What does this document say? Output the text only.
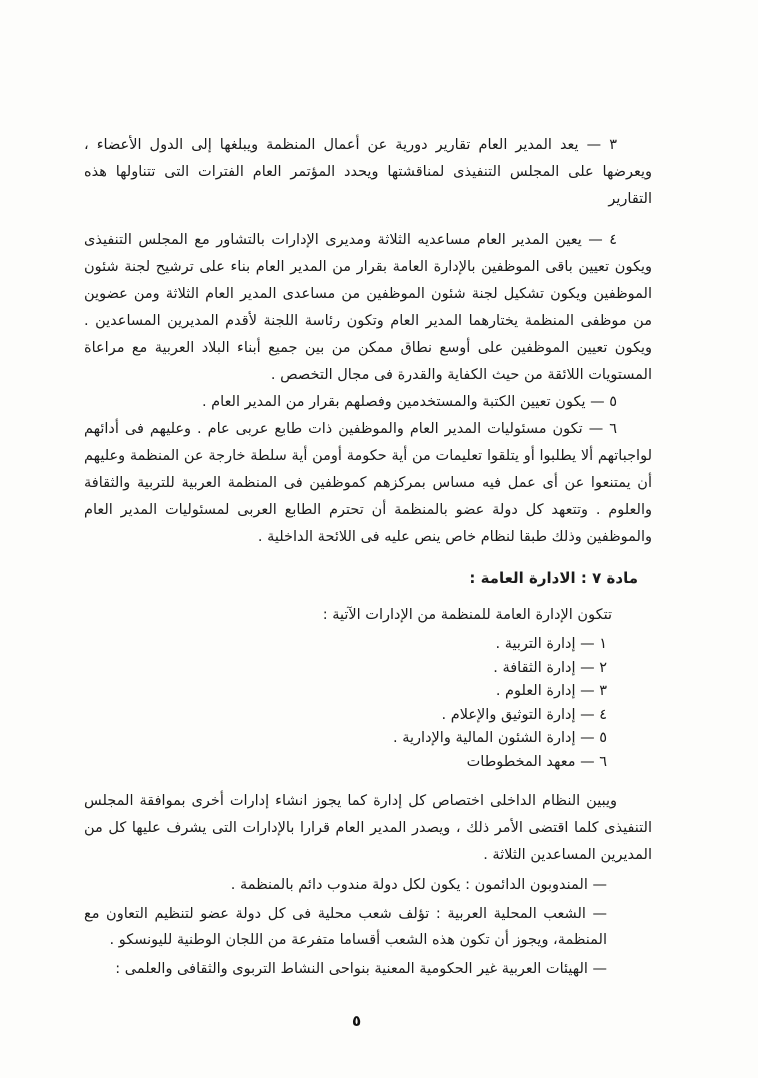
٣ — يعد المدير العام تقارير دورية عن أعمال المنظمة ويبلغها إلى الدول الأعضاء ، ويعرضها على المجلس التنفيذى لمناقشتها ويحدد المؤتمر العام الفترات التى تتناولها هذه التقارير

٤ — يعين المدير العام مساعديه الثلاثة ومديرى الإدارات بالتشاور مع المجلس التنفيذى ويكون تعيين باقى الموظفين بالإدارة العامة بقرار من المدير العام بناء على ترشيح لجنة شئون الموظفين ويكون تشكيل لجنة شئون الموظفين من مساعدى المدير العام الثلاثة ومن عضوين من موظفى المنظمة يختارهما المدير العام وتكون رئاسة اللجنة لأقدم المديرين المساعدين . ويكون تعيين الموظفين على أوسع نطاق ممكن من بين جميع أبناء البلاد العربية مع مراعاة المستويات اللائقة من حيث الكفاية والقدرة فى مجال التخصص .

٥ — يكون تعيين الكتبة والمستخدمين وفصلهم بقرار من المدير العام .

٦ — تكون مسئوليات المدير العام والموظفين ذات طابع عربى عام . وعليهم فى أدائهم لواجباتهم ألا يطلبوا أو يتلقوا تعليمات من أية حكومة أومن أية سلطة خارجة عن المنظمة وعليهم أن يمتنعوا عن أى عمل فيه مساس بمركزهم كموظفين فى المنظمة العربية للتربية والثقافة والعلوم . وتتعهد كل دولة عضو بالمنظمة أن تحترم الطابع العربى لمسئوليات المدير العام والموظفين وذلك طبقا لنظام خاص ينص عليه فى اللائحة الداخلية .

مادة ٧ : الادارة العامة :

تتكون الإدارة العامة للمنظمة من الإدارات الآتية :

١ — إدارة التربية .
٢ — إدارة الثقافة .
٣ — إدارة العلوم .
٤ — إدارة التوثيق والإعلام .
٥ — إدارة الشئون المالية والإدارية .
٦ — معهد المخطوطات

ويبين النظام الداخلى اختصاص كل إدارة كما يجوز انشاء إدارات أخرى بموافقة المجلس التنفيذى كلما اقتضى الأمر ذلك ، ويصدر المدير العام قرارا بالإدارات التى يشرف عليها كل من المديرين المساعدين الثلاثة .

— المندوبون الدائمون : يكون لكل دولة مندوب دائم بالمنظمة .

— الشعب المحلية العربية : تؤلف شعب محلية فى كل دولة عضو لتنظيم التعاون مع المنظمة، ويجوز أن تكون هذه الشعب أقساما متفرعة من اللجان الوطنية لليونسكو .

— الهيئات العربية غير الحكومية المعنية بنواحى النشاط التربوى والثقافى والعلمى :

٥
